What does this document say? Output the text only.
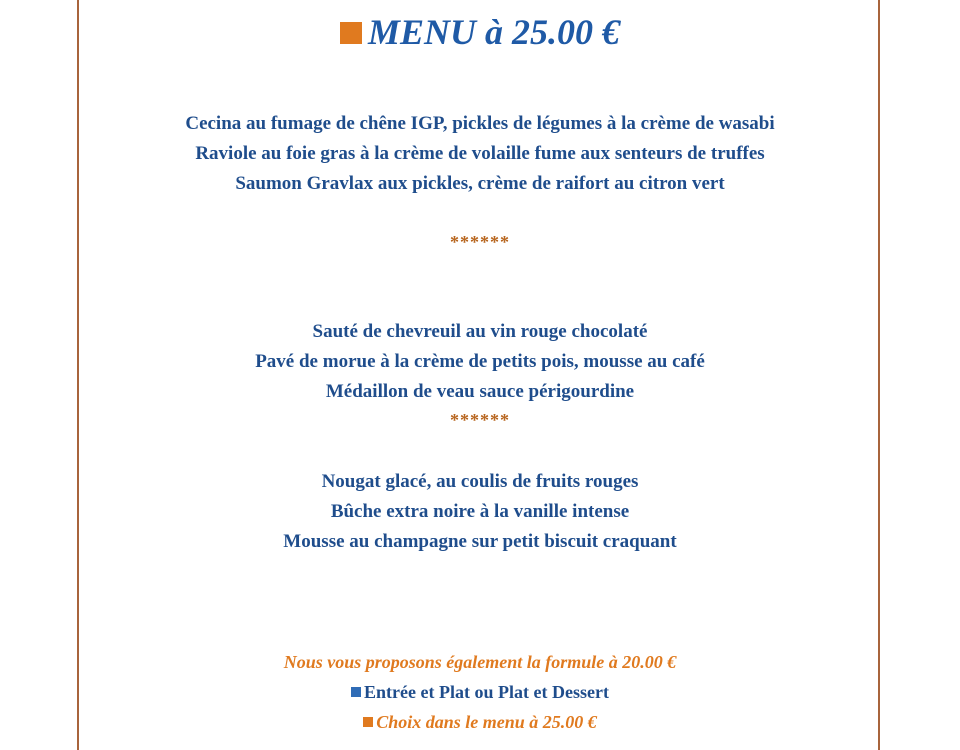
MENU à 25.00 €
Cecina au fumage de chêne IGP, pickles de légumes à la crème de wasabi
Raviole au foie gras à la crème de volaille fume aux senteurs de truffes
Saumon Gravlax aux pickles, crème de raifort au citron vert
******
Sauté de chevreuil au vin rouge chocolaté
Pavé de morue à la crème de petits pois, mousse au café
Médaillon de veau sauce périgourdine
******
Nougat glacé, au coulis de fruits rouges
Bûche extra noire à la vanille intense
Mousse au champagne sur petit biscuit craquant
Nous vous proposons également la formule à 20.00 €
Entrée et Plat ou Plat et Dessert
Choix dans le menu à 25.00 €
